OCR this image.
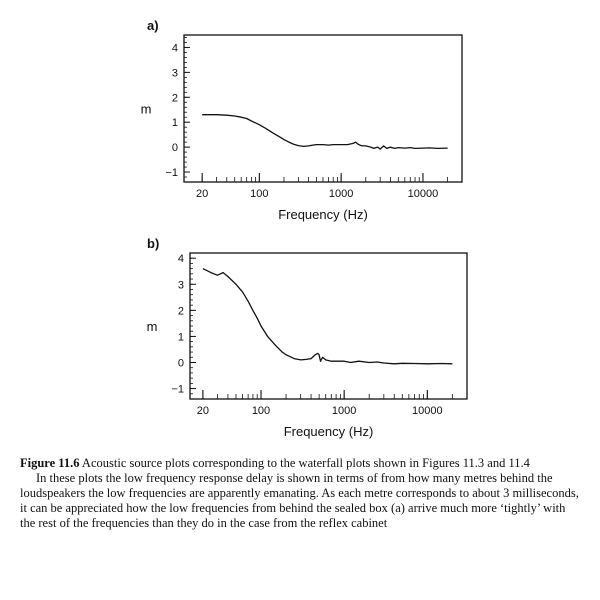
a)
m
−1
0
1
2
3
4
20	100	1000	10000
Frequency (Hz)
b)
m
−1
0
1
2
3
4
20	100	1000	10000
Frequency (Hz)

Figure 11.6 Acoustic source plots corresponding to the waterfall plots shown in Figures 11.3 and 11.4

In these plots the low frequency response delay is shown in terms of from how many metres behind the loudspeakers the low frequencies are apparently emanating. As each metre corresponds to about 3 milliseconds, it can be appreciated how the low frequencies from behind the sealed box (a) arrive much more ‘tightly’ with the rest of the frequencies than they do in the case from the reflex cabinet
